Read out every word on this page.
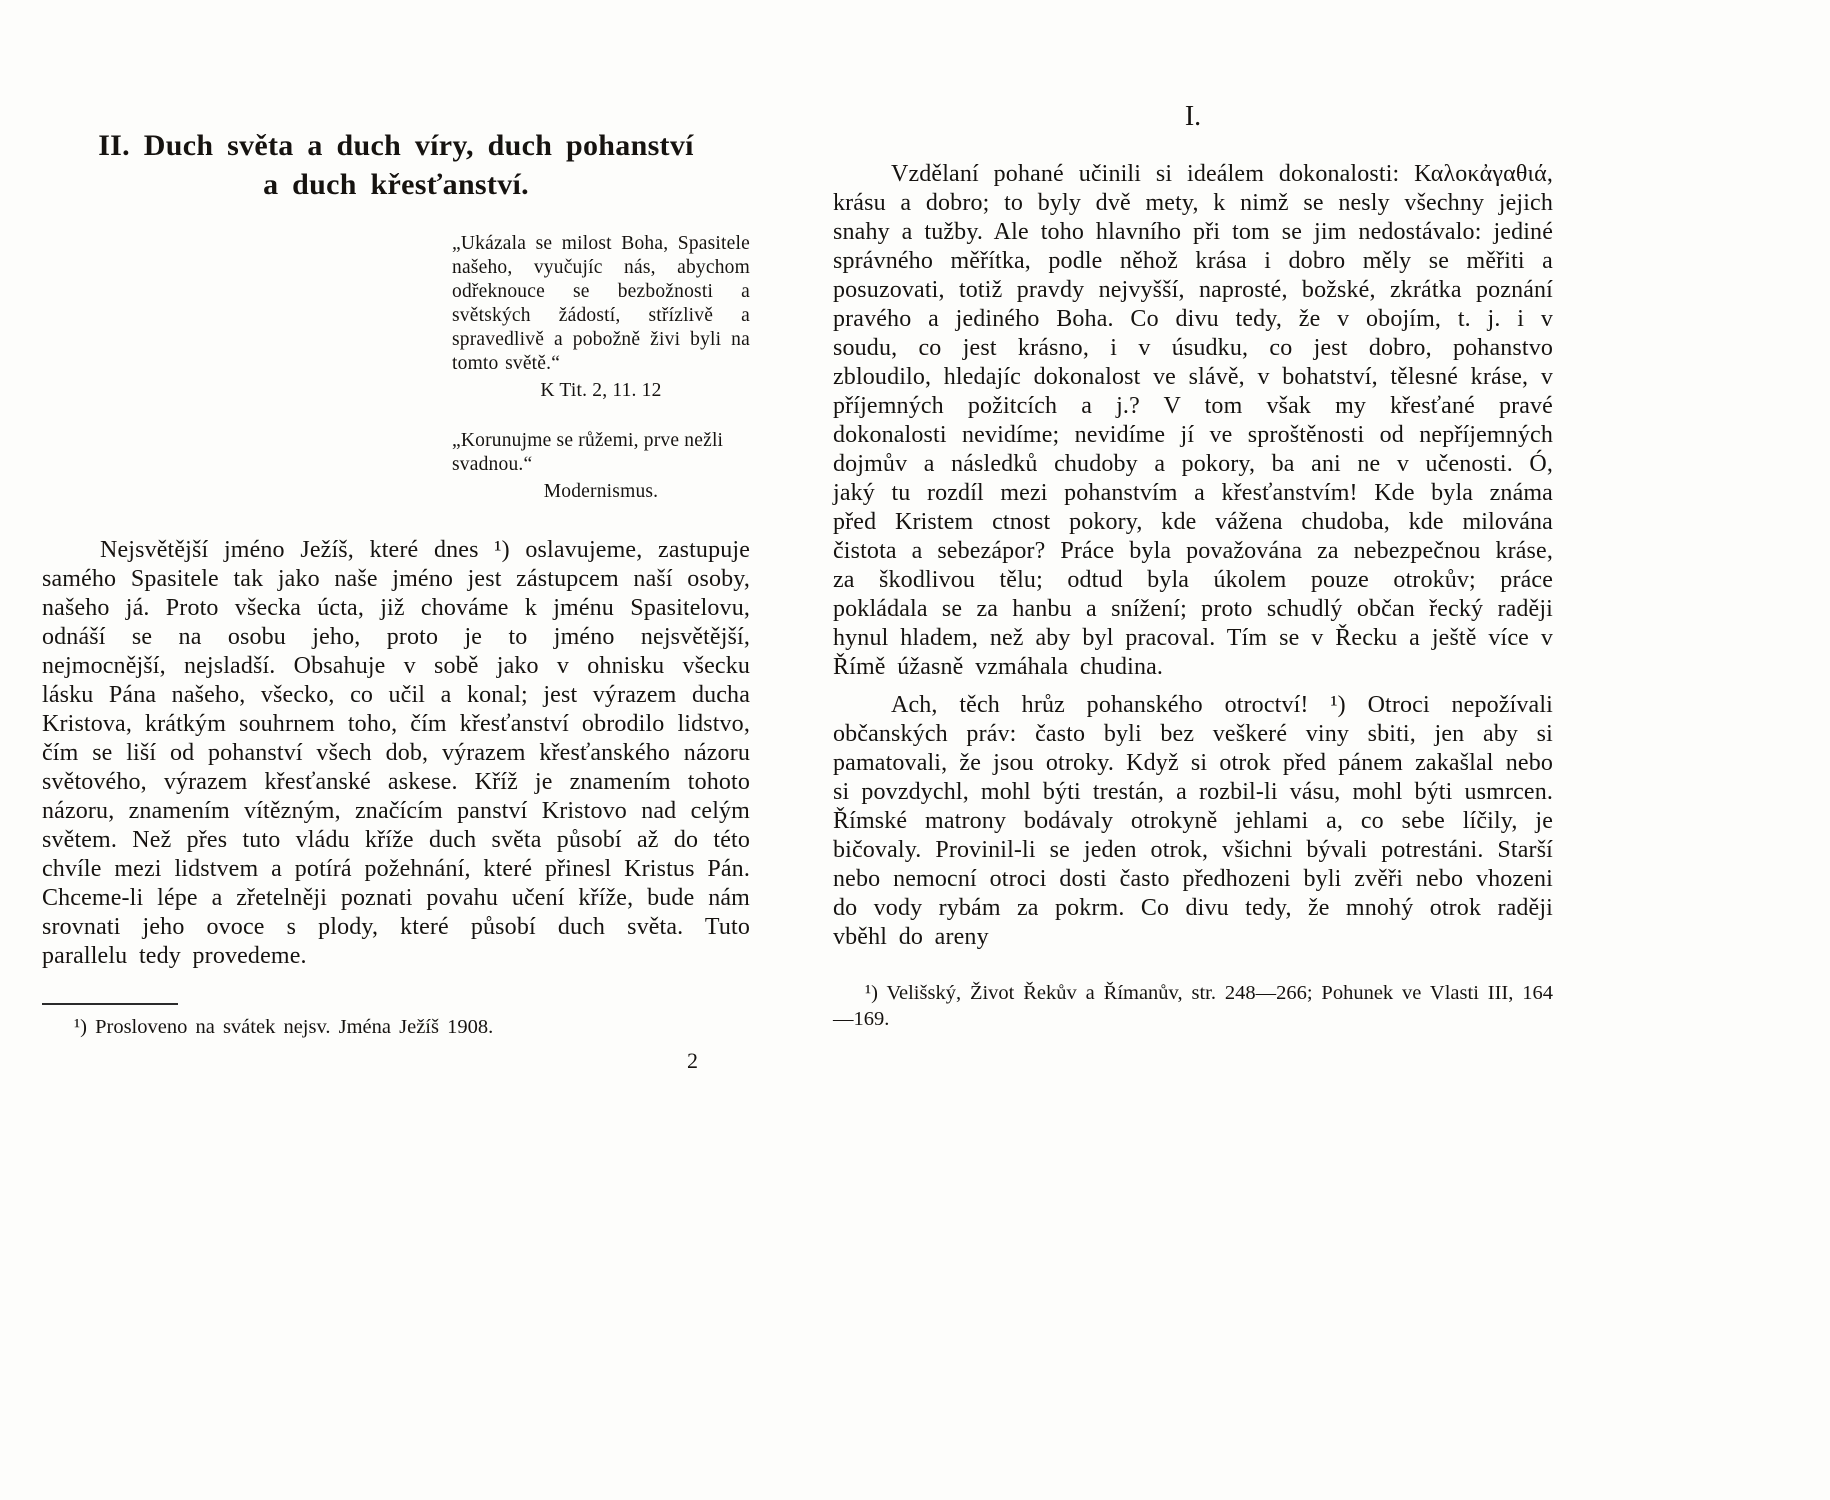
II. Duch světa a duch víry, duch pohanství
a duch křesťanství.

„Ukázala se milost Boha, Spasitele našeho, vyučujíc nás, abychom odřeknouce se bezbožnosti a světských žádostí, střízlivě a spravedlivě a pobožně živi byli na tomto světě.“

K Tit. 2, 11. 12

„Korunujme se růžemi, prve nežli svadnou.“

Modernismus.

Nejsvětější jméno Ježíš, které dnes ¹) oslavujeme, zastupuje samého Spasitele tak jako naše jméno jest zástupcem naší osoby, našeho já. Proto všecka úcta, již chováme k jménu Spasitelovu, odnáší se na osobu jeho, proto je to jméno nejsvětější, nejmocnější, nejsladší. Obsahuje v sobě jako v ohnisku všecku lásku Pána našeho, všecko, co učil a konal; jest výrazem ducha Kristova, krátkým souhrnem toho, čím křesťanství obrodilo lidstvo, čím se liší od pohanství všech dob, výrazem křesťanského názoru světového, výrazem křesťanské askese. Kříž je znamením tohoto názoru, znamením vítězným, značícím panství Kristovo nad celým světem. Než přes tuto vládu kříže duch světa působí až do této chvíle mezi lidstvem a potírá požehnání, které přinesl Kristus Pán. Chceme-li lépe a zřetelněji poznati povahu učení kříže, bude nám srovnati jeho ovoce s plody, které působí duch světa. Tuto parallelu tedy provedeme.

¹) Prosloveno na svátek nejsv. Jména Ježíš 1908.

2
I.

Vzdělaní pohané učinili si ideálem dokonalosti: Καλοκἀγαθιά, krásu a dobro; to byly dvě mety, k nimž se nesly všechny jejich snahy a tužby. Ale toho hlavního při tom se jim nedostávalo: jediné správného měřítka, podle něhož krása i dobro měly se měřiti a posuzovati, totiž pravdy nejvyšší, naprosté, božské, zkrátka poznání pravého a jediného Boha. Co divu tedy, že v obojím, t. j. i v soudu, co jest krásno, i v úsudku, co jest dobro, pohanstvo zbloudilo, hledajíc dokonalost ve slávě, v bohatství, tělesné kráse, v příjemných požitcích a j.? V tom však my křesťané pravé dokonalosti nevidíme; nevidíme jí ve sproštěnosti od nepříjemných dojmův a následků chudoby a pokory, ba ani ne v učenosti. Ó, jaký tu rozdíl mezi pohanstvím a křesťanstvím! Kde byla známa před Kristem ctnost pokory, kde vážena chudoba, kde milována čistota a sebezápor? Práce byla považována za nebezpečnou kráse, za škodlivou tělu; odtud byla úkolem pouze otrokův; práce pokládala se za hanbu a snížení; proto schudlý občan řecký raději hynul hladem, než aby byl pracoval. Tím se v Řecku a ještě více v Římě úžasně vzmáhala chudina.

Ach, těch hrůz pohanského otroctví! ¹) Otroci nepožívali občanských práv: často byli bez veškeré viny sbiti, jen aby si pamatovali, že jsou otroky. Když si otrok před pánem zakašlal nebo si povzdychl, mohl býti trestán, a rozbil-li vásu, mohl býti usmrcen. Římské matrony bodávaly otrokyně jehlami a, co sebe líčily, je bičovaly. Provinil-li se jeden otrok, všichni bývali potrestáni. Starší nebo nemocní otroci dosti často předhozeni byli zvěři nebo vhozeni do vody rybám za pokrm. Co divu tedy, že mnohý otrok raději vběhl do areny

¹) Velišský, Život Řekův a Římanův, str. 248—266; Pohunek ve Vlasti III, 164—169.
